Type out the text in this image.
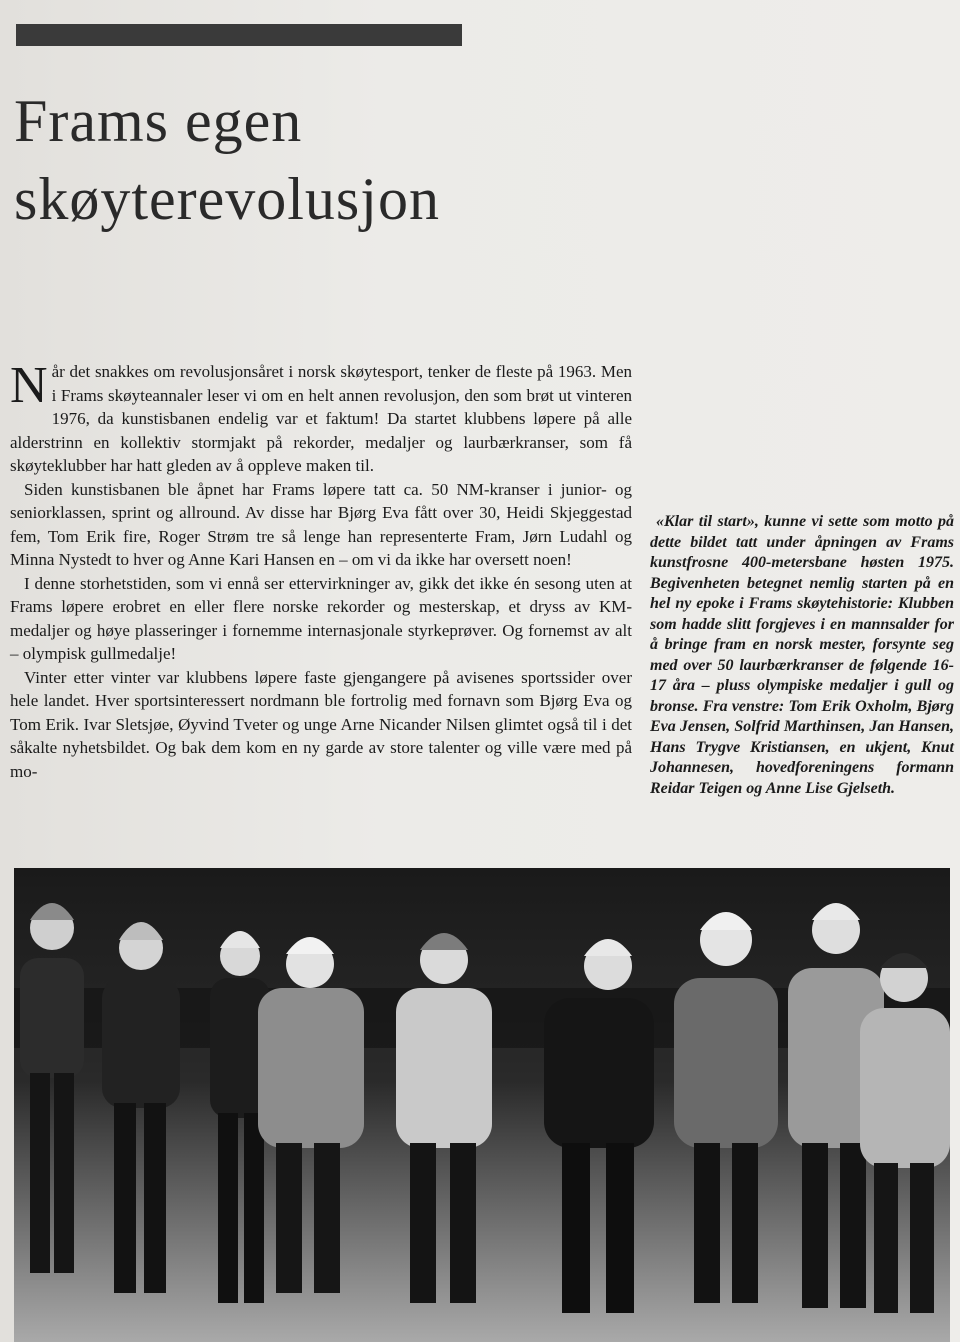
Frams egen skøyterevolusjon

Når det snakkes om revolusjonsåret i norsk skøytesport, tenker de fleste på 1963. Men i Frams skøyteannaler leser vi om en helt annen revolusjon, den som brøt ut vinteren 1976, da kunstisbanen endelig var et faktum! Da startet klubbens løpere på alle alderstrinn en kollektiv stormjakt på rekorder, medaljer og laurbærkranser, som få skøyteklubber har hatt gleden av å oppleve maken til.

Siden kunstisbanen ble åpnet har Frams løpere tatt ca. 50 NM-kranser i junior- og seniorklassen, sprint og allround. Av disse har Bjørg Eva fått over 30, Heidi Skjeggestad fem, Tom Erik fire, Roger Strøm tre så lenge han representerte Fram, Jørn Ludahl og Minna Nystedt to hver og Anne Kari Hansen en – om vi da ikke har oversett noen!

I denne storhetstiden, som vi ennå ser ettervirkninger av, gikk det ikke én sesong uten at Frams løpere erobret en eller flere norske rekorder og mesterskap, et dryss av KM-medaljer og høye plasseringer i fornemme internasjonale styrkeprøver. Og fornemst av alt – olympisk gullmedalje!

Vinter etter vinter var klubbens løpere faste gjengangere på avisenes sportssider over hele landet. Hver sportsinteressert nordmann ble fortrolig med fornavn som Bjørg Eva og Tom Erik. Ivar Sletsjøe, Øyvind Tveter og unge Arne Nicander Nilsen glimtet også til i det såkalte nyhetsbildet. Og bak dem kom en ny garde av store talenter og ville være med på mo-

«Klar til start», kunne vi sette som motto på dette bildet tatt under åpningen av Frams kunstfrosne 400-metersbane høsten 1975. Begivenheten betegnet nemlig starten på en hel ny epoke i Frams skøytehistorie: Klubben som hadde slitt forgjeves i en mannsalder for å bringe fram en norsk mester, forsynte seg med over 50 laurbærkranser de følgende 16-17 åra – pluss olympiske medaljer i gull og bronse. Fra venstre: Tom Erik Oxholm, Bjørg Eva Jensen, Solfrid Marthinsen, Jan Hansen, Hans Trygve Kristiansen, en ukjent, Knut Johannesen, hovedforeningens formann Reidar Teigen og Anne Lise Gjelseth.
